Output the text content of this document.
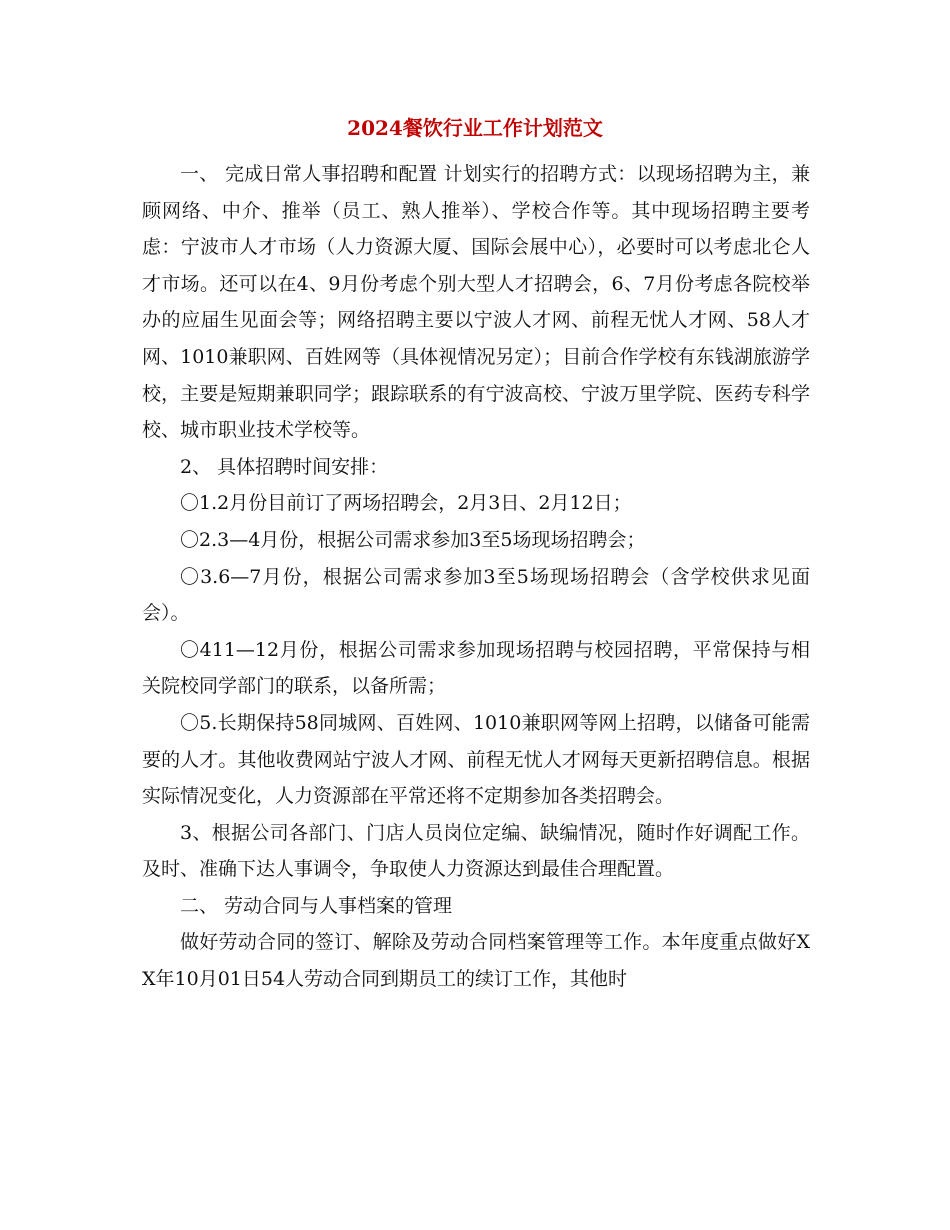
2024餐饮行业工作计划范文

一、 完成日常人事招聘和配置 计划实行的招聘方式：以现场招聘为主，兼顾网络、中介、推举（员工、熟人推举）、学校合作等。其中现场招聘主要考虑：宁波市人才市场（人力资源大厦、国际会展中心），必要时可以考虑北仑人才市场。还可以在4、9月份考虑个别大型人才招聘会，6、7月份考虑各院校举办的应届生见面会等；网络招聘主要以宁波人才网、前程无忧人才网、58人才网、1010兼职网、百姓网等（具体视情况另定）；目前合作学校有东钱湖旅游学校，主要是短期兼职同学；跟踪联系的有宁波高校、宁波万里学院、医药专科学校、城市职业技术学校等。

2、 具体招聘时间安排：

〇1.2月份目前订了两场招聘会，2月3日、2月12日；

〇2.3—4月份，根据公司需求参加3至5场现场招聘会；

〇3.6—7月份，根据公司需求参加3至5场现场招聘会（含学校供求见面会）。

〇411—12月份，根据公司需求参加现场招聘与校园招聘，平常保持与相关院校同学部门的联系，以备所需；

〇5.长期保持58同城网、百姓网、1010兼职网等网上招聘，以储备可能需要的人才。其他收费网站宁波人才网、前程无忧人才网每天更新招聘信息。根据实际情况变化，人力资源部在平常还将不定期参加各类招聘会。

3、根据公司各部门、门店人员岗位定编、缺编情况，随时作好调配工作。及时、准确下达人事调令，争取使人力资源达到最佳合理配置。

二、 劳动合同与人事档案的管理

做好劳动合同的签订、解除及劳动合同档案管理等工作。本年度重点做好XX年10月01日54人劳动合同到期员工的续订工作，其他时
